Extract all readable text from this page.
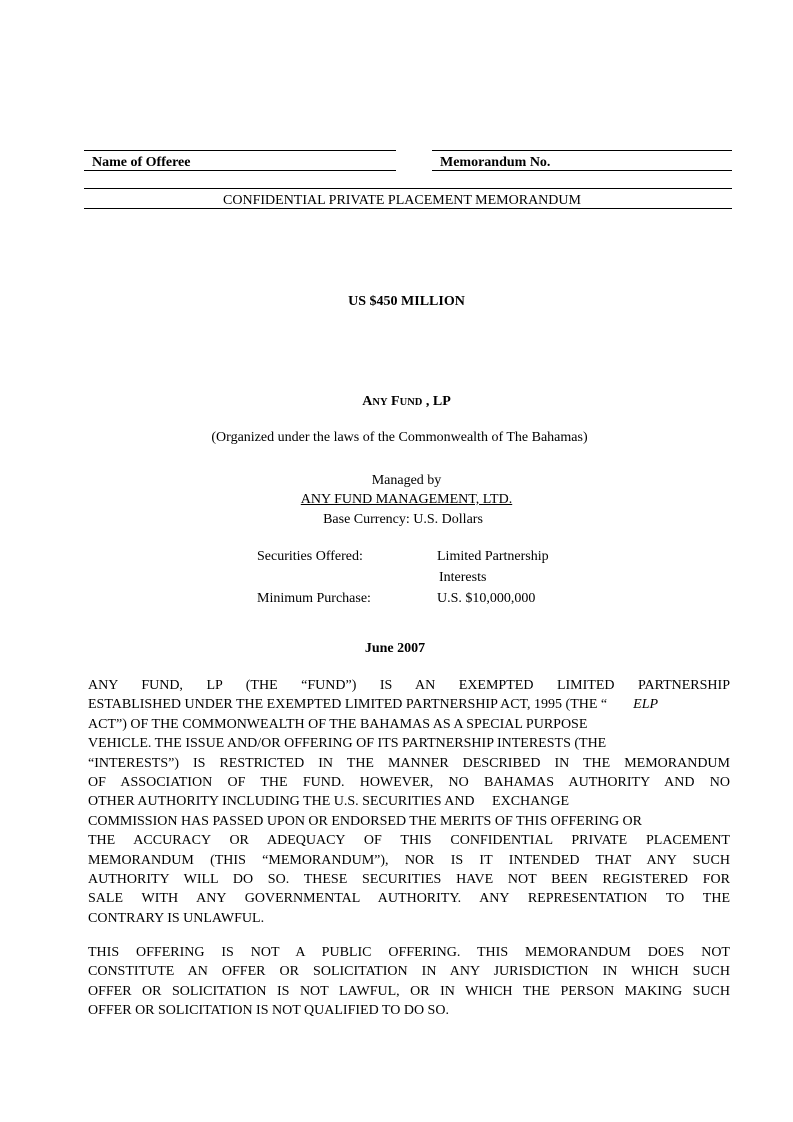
Name of Offeree	Memorandum No.
CONFIDENTIAL PRIVATE PLACEMENT MEMORANDUM
US $450 MILLION
ANY FUND , LP
(Organized under the laws of the Commonwealth of The Bahamas)
Managed by
ANY FUND MANAGEMENT, LTD.
Base Currency: U.S. Dollars
Securities Offered:	Limited Partnership
Interests
Minimum Purchase:	U.S. $10,000,000
June 2007
ANY FUND, LP (THE “FUND”) IS AN EXEMPTED LIMITED PARTNERSHIP
ESTABLISHED UNDER THE EXEMPTED LIMITED PARTNERSHIP ACT, 1995 (THE “ ELP
ACT”) OF THE COMMONWEALTH OF THE BAHAMAS AS A SPECIAL PURPOSE
VEHICLE. THE ISSUE AND/OR OFFERING OF ITS PARTNERSHIP INTERESTS (THE
“INTERESTS”) IS RESTRICTED IN THE MANNER DESCRIBED IN THE MEMORANDUM
OF ASSOCIATION OF THE FUND. HOWEVER, NO BAHAMAS AUTHORITY AND NO
OTHER AUTHORITY INCLUDING THE U.S. SECURITIES AND     EXCHANGE
COMMISSION HAS PASSED UPON OR ENDORSED THE MERITS OF THIS OFFERING OR
THE ACCURACY OR ADEQUACY OF THIS CONFIDENTIAL PRIVATE PLACEMENT
MEMORANDUM (THIS “MEMORANDUM”), NOR IS IT INTENDED THAT ANY SUCH
AUTHORITY WILL DO SO. THESE SECURITIES HAVE NOT BEEN REGISTERED FOR
SALE WITH ANY GOVERNMENTAL AUTHORITY. ANY REPRESENTATION TO THE
CONTRARY IS UNLAWFUL.
THIS OFFERING IS NOT A PUBLIC OFFERING. THIS MEMORANDUM DOES NOT
CONSTITUTE AN OFFER OR SOLICITATION IN ANY JURISDICTION IN WHICH SUCH
OFFER OR SOLICITATION IS NOT LAWFUL, OR IN WHICH THE PERSON MAKING SUCH
OFFER OR SOLICITATION IS NOT QUALIFIED TO DO SO.
